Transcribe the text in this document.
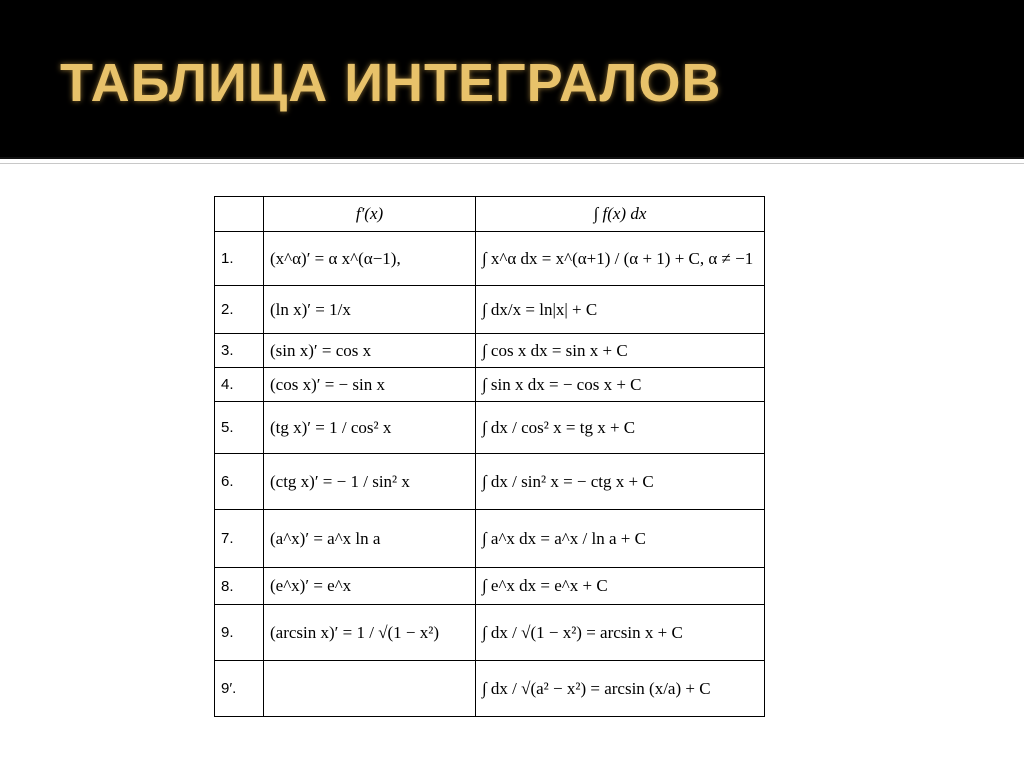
ТАБЛИЦА ИНТЕГРАЛОВ
	f′(x)	∫ f(x) dx
1.	(x^α)′ = α x^(α−1),	∫ x^α dx = x^(α+1) / (α + 1) + C, α ≠ −1
2.	(ln x)′ = 1/x	∫ dx/x = ln|x| + C
3.	(sin x)′ = cos x	∫ cos x dx = sin x + C
4.	(cos x)′ = − sin x	∫ sin x dx = − cos x + C
5.	(tg x)′ = 1 / cos² x	∫ dx / cos² x = tg x + C
6.	(ctg x)′ = − 1 / sin² x	∫ dx / sin² x = − ctg x + C
7.	(a^x)′ = a^x ln a	∫ a^x dx = a^x / ln a + C
8.	(e^x)′ = e^x	∫ e^x dx = e^x + C
9.	(arcsin x)′ = 1 / √(1 − x²)	∫ dx / √(1 − x²) = arcsin x + C
9′.		∫ dx / √(a² − x²) = arcsin (x/a) + C
